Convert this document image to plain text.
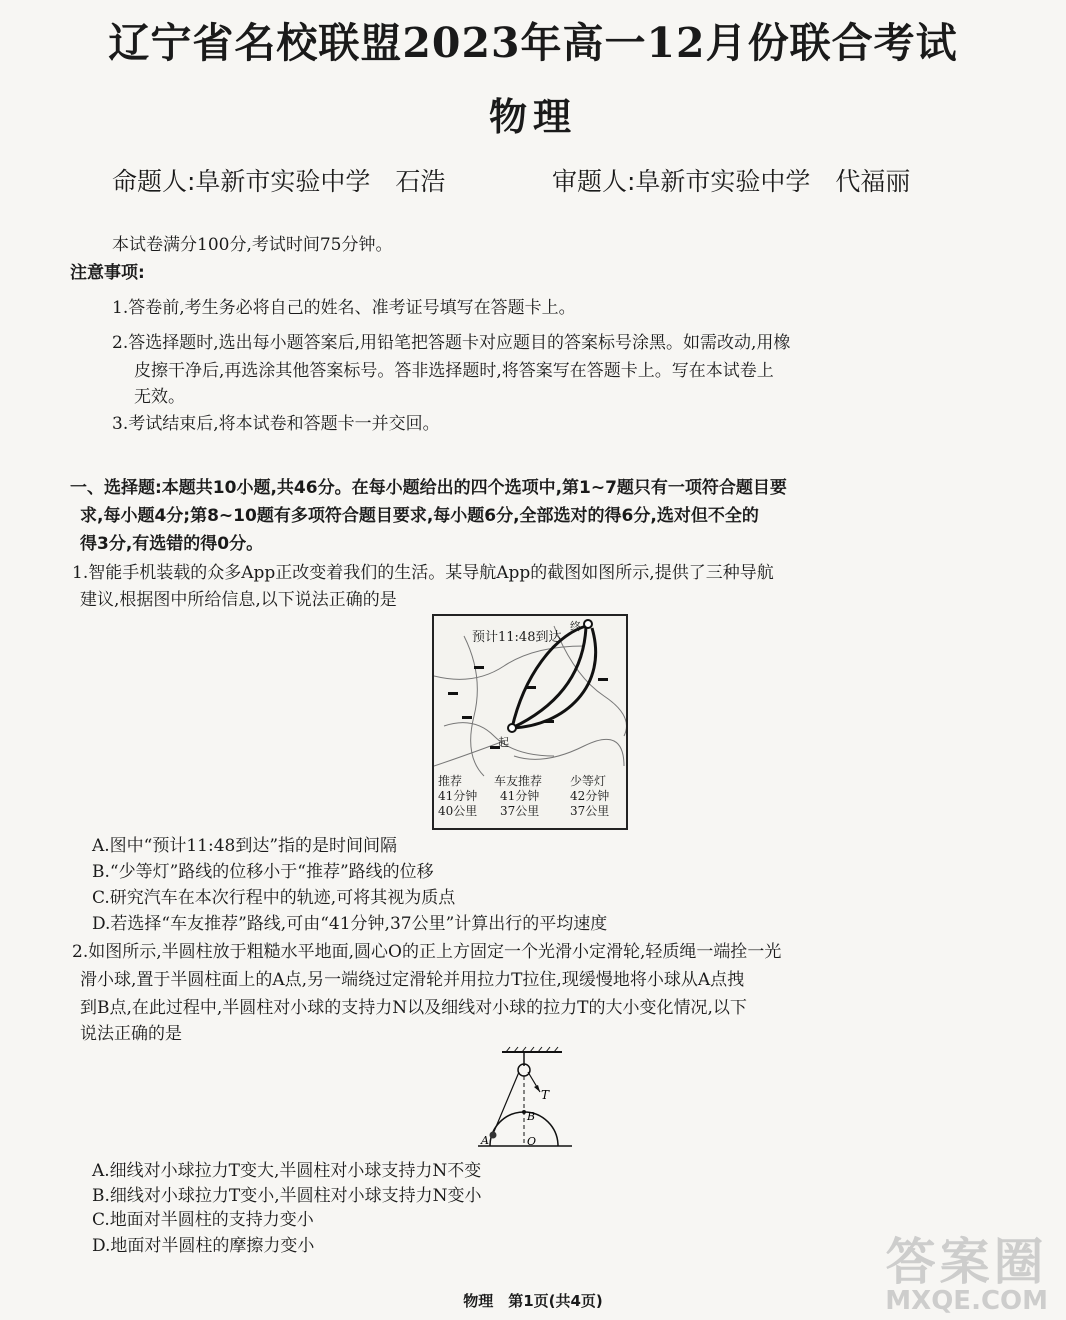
辽宁省名校联盟2023年高一12月份联合考试
物理
命题人:阜新市实验中学　石浩	审题人:阜新市实验中学　代福丽
本试卷满分100分,考试时间75分钟。
注意事项:
1.答卷前,考生务必将自己的姓名、准考证号填写在答题卡上。
2.答选择题时,选出每小题答案后,用铅笔把答题卡对应题目的答案标号涂黑。如需改动,用橡
皮擦干净后,再选涂其他答案标号。答非选择题时,将答案写在答题卡上。写在本试卷上
无效。
3.考试结束后,将本试卷和答题卡一并交回。
一、选择题:本题共10小题,共46分。在每小题给出的四个选项中,第1~7题只有一项符合题目要
求,每小题4分;第8~10题有多项符合题目要求,每小题6分,全部选对的得6分,选对但不全的
得3分,有选错的得0分。
1.智能手机装载的众多App正改变着我们的生活。某导航App的截图如图所示,提供了三种导航
建议,根据图中所给信息,以下说法正确的是
预计11:48到达
终
起
推荐
41分钟
40公里
车友推荐
41分钟
37公里
少等灯
42分钟
37公里
A.图中“预计11:48到达”指的是时间间隔
B.“少等灯”路线的位移小于“推荐”路线的位移
C.研究汽车在本次行程中的轨迹,可将其视为质点
D.若选择“车友推荐”路线,可由“41分钟,37公里”计算出行的平均速度
2.如图所示,半圆柱放于粗糙水平地面,圆心O的正上方固定一个光滑小定滑轮,轻质绳一端拴一光
滑小球,置于半圆柱面上的A点,另一端绕过定滑轮并用拉力T拉住,现缓慢地将小球从A点拽
到B点,在此过程中,半圆柱对小球的支持力N以及细线对小球的拉力T的大小变化情况,以下
说法正确的是
T
B
A	O
A.细线对小球拉力T变大,半圆柱对小球支持力N不变
B.细线对小球拉力T变小,半圆柱对小球支持力N变小
C.地面对半圆柱的支持力变小
D.地面对半圆柱的摩擦力变小
物理　第1页(共4页)
答案圈
MXQE.COM
